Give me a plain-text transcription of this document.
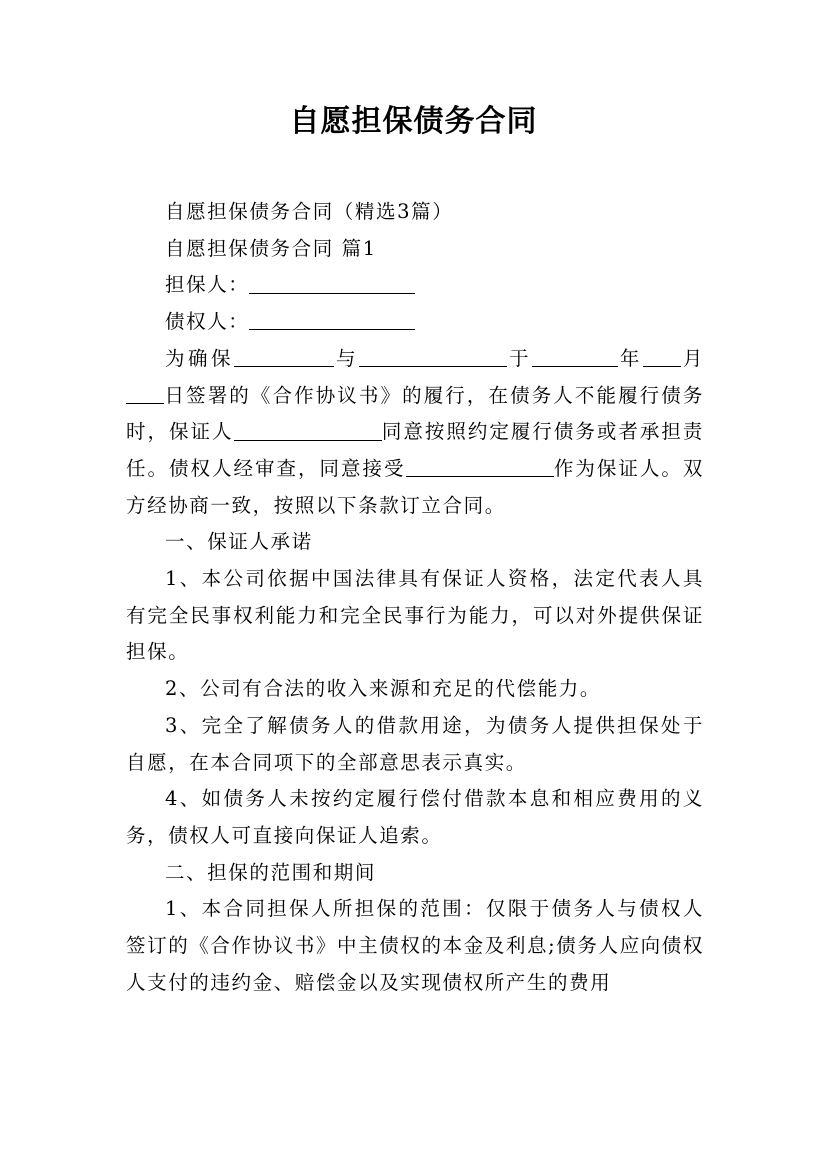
自愿担保债务合同

自愿担保债务合同（精选3篇）

自愿担保债务合同 篇1

担保人：

债权人：

为确保	与	于	年 月日签署的《合作协议书》的履行，在债务人不能履行债务时，保证人	同意按照约定履行债务或者承担责任。债权人经审查，同意接受	作为保证人。双方经协商一致，按照以下条款订立合同。

一、保证人承诺

1、本公司依据中国法律具有保证人资格，法定代表人具有完全民事权利能力和完全民事行为能力，可以对外提供保证担保。

2、公司有合法的收入来源和充足的代偿能力。

3、完全了解债务人的借款用途，为债务人提供担保处于自愿，在本合同项下的全部意思表示真实。

4、如债务人未按约定履行偿付借款本息和相应费用的义务，债权人可直接向保证人追索。

二、担保的范围和期间

1、本合同担保人所担保的范围：仅限于债务人与债权人签订的《合作协议书》中主债权的本金及利息;债务人应向债权人支付的违约金、赔偿金以及实现债权所产生的费用
